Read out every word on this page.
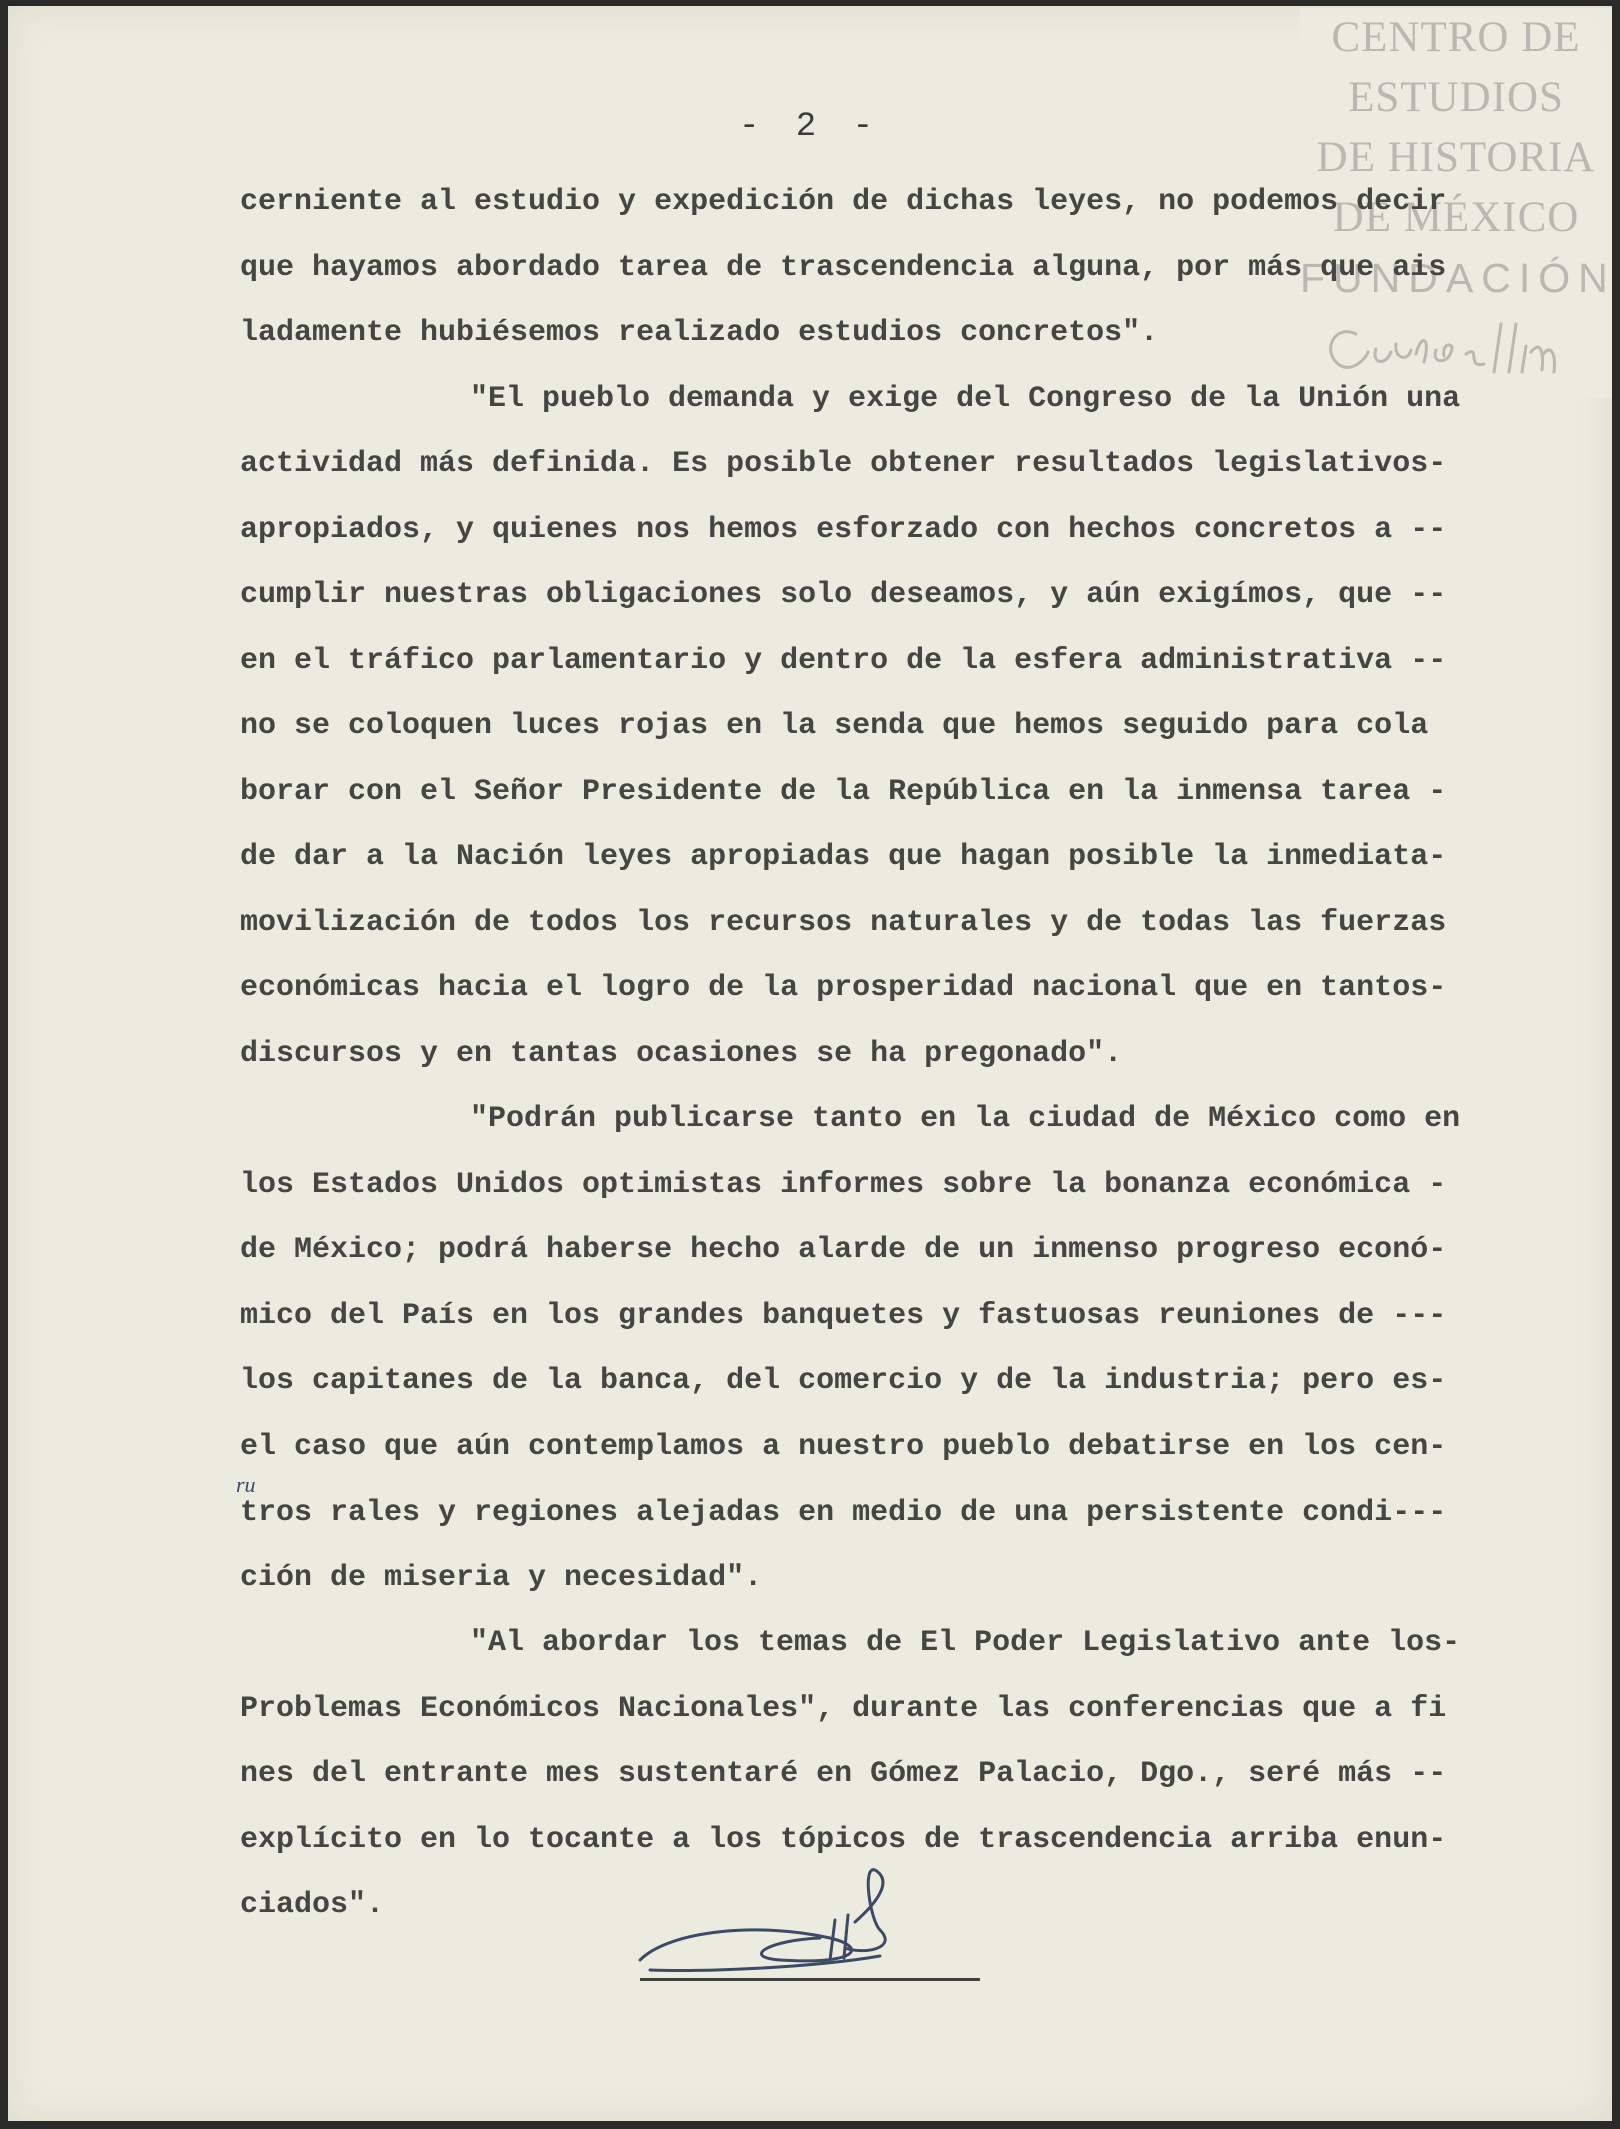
CENTRO DE
ESTUDIOS
DE HISTORIA
DE MÉXICO
FUNDACIÓN
- 2 -
cerniente al estudio y expedición de dichas leyes, no podemos decir
que hayamos abordado tarea de trascendencia alguna, por más que ais
ladamente hubiésemos realizado estudios concretos".
"El pueblo demanda y exige del Congreso de la Unión una
actividad más definida. Es posible obtener resultados legislativos-
apropiados, y quienes nos hemos esforzado con hechos concretos a --
cumplir nuestras obligaciones solo deseamos, y aún exigímos, que --
en el tráfico parlamentario y dentro de la esfera administrativa --
no se coloquen luces rojas en la senda que hemos seguido para cola
borar con el Señor Presidente de la República en la inmensa tarea -
de dar a la Nación leyes apropiadas que hagan posible la inmediata-
movilización de todos los recursos naturales y de todas las fuerzas
económicas hacia el logro de la prosperidad nacional que en tantos-
discursos y en tantas ocasiones se ha pregonado".
"Podrán publicarse tanto en la ciudad de México como en
los Estados Unidos optimistas informes sobre la bonanza económica -
de México; podrá haberse hecho alarde de un inmenso progreso econó-
mico del País en los grandes banquetes y fastuosas reuniones de ---
los capitanes de la banca, del comercio y de la industria; pero es-
el caso que aún contemplamos a nuestro pueblo debatirse en los cen-
rutros rales y regiones alejadas en medio de una persistente condi---
ción de miseria y necesidad".
"Al abordar los temas de El Poder Legislativo ante los-
Problemas Económicos Nacionales", durante las conferencias que a fi
nes del entrante mes sustentaré en Gómez Palacio, Dgo., seré más --
explícito en lo tocante a los tópicos de trascendencia arriba enun-
ciados".
